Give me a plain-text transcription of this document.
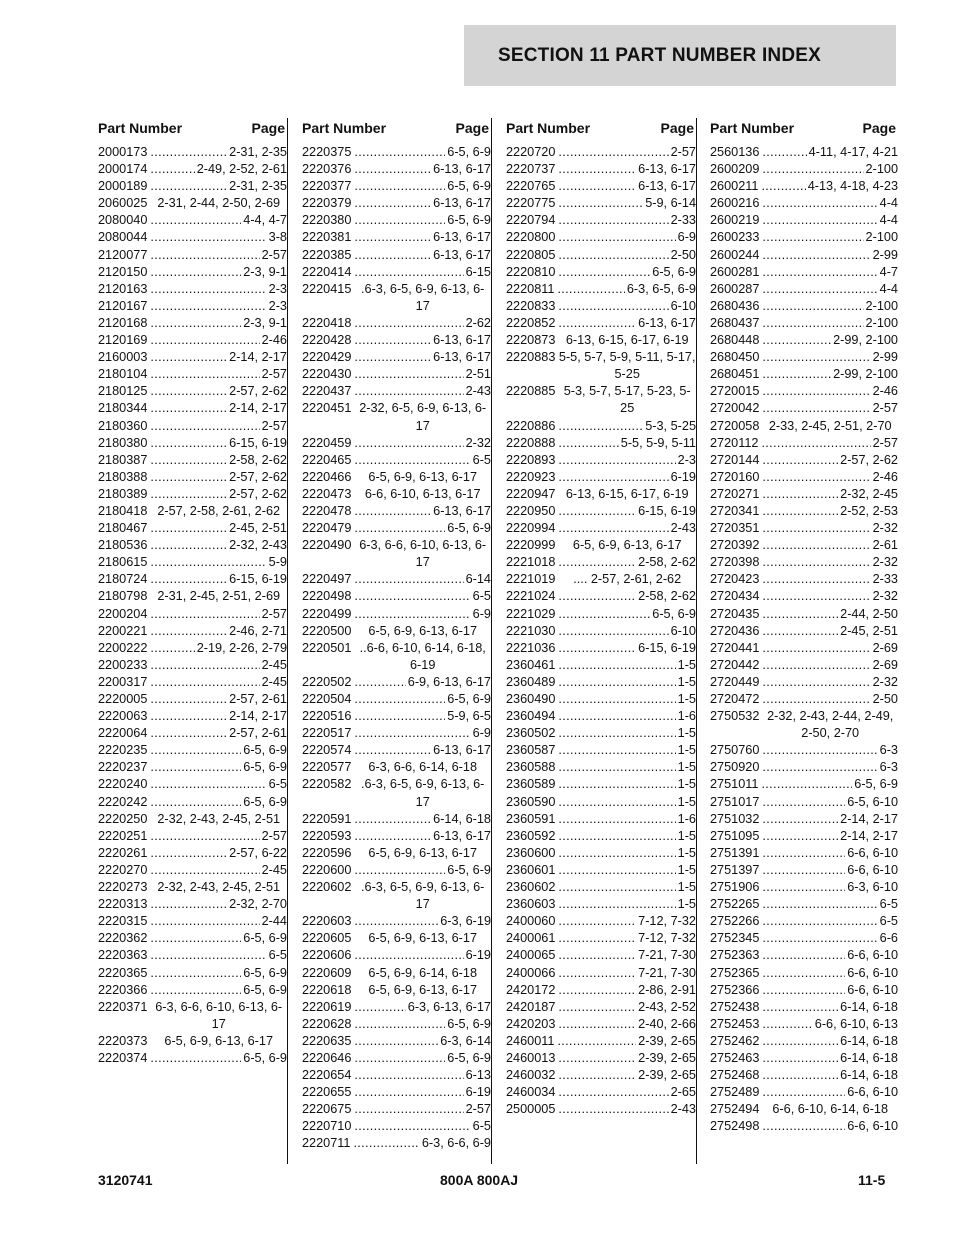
SECTION 11 PART NUMBER INDEX
Part Number	Page
2000173	. . . 2-31, 2-35
2000174	. . . 2-49, 2-52, 2-61
2000189	. . . 2-31, 2-35
2060025 2-31, 2-44, 2-50, 2-69
2080040	. . . 4-4, 4-7
2080044	. . . 3-8
2120077	. . . 2-57
2120150	. . . 2-3, 9-1
2120163	. . . 2-3
2120167	. . . 2-3
2120168	. . . 2-3, 9-1
2120169	. . . 2-46
2160003	. . . 2-14, 2-17
2180104	. . . 2-57
2180125	. . . 2-57, 2-62
2180344	. . . 2-14, 2-17
2180360	. . . 2-57
2180380	. . . 6-15, 6-19
2180387	. . . 2-58, 2-62
2180388	. . . 2-57, 2-62
2180389	. . . 2-57, 2-62
2180418 2-57, 2-58, 2-61, 2-62
2180467	. . . 2-45, 2-51
2180536	. . . 2-32, 2-43
2180615	. . . 5-9
2180724	. . . 6-15, 6-19
2180798 2-31, 2-45, 2-51, 2-69
2200204	. . . 2-57
2200221	. . . 2-46, 2-71
2200222	. . . 2-19, 2-26, 2-79
2200233	. . . 2-45
2200317	. . . 2-45
2220005	. . . 2-57, 2-61
2220063	. . . 2-14, 2-17
2220064	. . . 2-57, 2-61
2220235	. . . 6-5, 6-9
2220237	. . . 6-5, 6-9
2220240	. . . 6-5
2220242	. . . 6-5, 6-9
2220250 2-32, 2-43, 2-45, 2-51
2220251	. . . 2-57
2220261	. . . 2-57, 6-22
2220270	. . . 2-45
2220273 2-32, 2-43, 2-45, 2-51
2220313	. . . 2-32, 2-70
2220315	. . . 2-44
2220362	. . . 6-5, 6-9
2220363	. . . 6-5
2220365	. . . 6-5, 6-9
2220366	. . . 6-5, 6-9
2220371 6-3, 6-6, 6-10, 6-13, 6-17
2220373	6-5, 6-9, 6-13, 6-17
2220374	. . . 6-5, 6-9
Part Number	Page
2220375	. . . 6-5, 6-9
2220376	. . . 6-13, 6-17
2220377	. . . 6-5, 6-9
2220379	. . . 6-13, 6-17
2220380	. . . 6-5, 6-9
2220381	. . . 6-13, 6-17
2220385	. . . 6-13, 6-17
2220414	. . . 6-15
2220415 .6-3, 6-5, 6-9, 6-13, 6-17
2220418	. . . 2-62
2220428	. . . 6-13, 6-17
2220429	. . . 6-13, 6-17
2220430	. . . 2-51
2220437	. . . 2-43
2220451 2-32, 6-5, 6-9, 6-13, 6-17
2220459	. . . 2-32
2220465	. . . 6-5
2220466	6-5, 6-9, 6-13, 6-17
2220473	6-6, 6-10, 6-13, 6-17
2220478	. . . 6-13, 6-17
2220479	. . . 6-5, 6-9
2220490 6-3, 6-6, 6-10, 6-13, 6-17
2220497	. . . 6-14
2220498	. . . 6-5
2220499	. . . 6-9
2220500	6-5, 6-9, 6-13, 6-17
2220501 ..6-6, 6-10, 6-14, 6-18, 6-19
2220502	. . . 6-9, 6-13, 6-17
2220504	. . . 6-5, 6-9
2220516	. . . 5-9, 6-5
2220517	. . . 6-9
2220574	. . . 6-13, 6-17
2220577	6-3, 6-6, 6-14, 6-18
2220582 .6-3, 6-5, 6-9, 6-13, 6-17
2220591	. . . 6-14, 6-18
2220593	. . . 6-13, 6-17
2220596	6-5, 6-9, 6-13, 6-17
2220600	. . . 6-5, 6-9
2220602 .6-3, 6-5, 6-9, 6-13, 6-17
2220603	. . . 6-3, 6-19
2220605	6-5, 6-9, 6-13, 6-17
2220606	. . . 6-19
2220609	6-5, 6-9, 6-14, 6-18
2220618	6-5, 6-9, 6-13, 6-17
2220619	. . . 6-3, 6-13, 6-17
2220628	. . . 6-5, 6-9
2220635	. . . 6-3, 6-14
2220646	. . . 6-5, 6-9
2220654	. . . 6-13
2220655	. . . 6-19
2220675	. . . 2-57
2220710	. . . 6-5
2220711	. . . 6-3, 6-6, 6-9
Part Number	Page
2220720	. . . 2-57
2220737	. . . 6-13, 6-17
2220765	. . . 6-13, 6-17
2220775	. . . 5-9, 6-14
2220794	. . . 2-33
2220800	. . . 6-9
2220805	. . . 2-50
2220810	. . . 6-5, 6-9
2220811	. . . 6-3, 6-5, 6-9
2220833	. . . 6-10
2220852	. . . 6-13, 6-17
2220873 6-13, 6-15, 6-17, 6-19
2220883 5-5, 5-7, 5-9, 5-11, 5-17, 5-25
2220885 5-3, 5-7, 5-17, 5-23, 5-25
2220886	. . . 5-3, 5-25
2220888	. . . 5-5, 5-9, 5-11
2220893	. . . 2-3
2220923	. . . 6-19
2220947 6-13, 6-15, 6-17, 6-19
2220950	. . . 6-15, 6-19
2220994	. . . 2-43
2220999	6-5, 6-9, 6-13, 6-17
2221018	. . . 2-58, 2-62
2221019	.... 2-57, 2-61, 2-62
2221024	. . . 2-58, 2-62
2221029	. . . 6-5, 6-9
2221030	. . . 6-10
2221036	. . . 6-15, 6-19
2360461	. . . 1-5
2360489	. . . 1-5
2360490	. . . 1-5
2360494	. . . 1-6
2360502	. . . 1-5
2360587	. . . 1-5
2360588	. . . 1-5
2360589	. . . 1-5
2360590	. . . 1-5
2360591	. . . 1-6
2360592	. . . 1-5
2360600	. . . 1-5
2360601	. . . 1-5
2360602	. . . 1-5
2360603	. . . 1-5
2400060	. . . 7-12, 7-32
2400061	. . . 7-12, 7-32
2400065	. . . 7-21, 7-30
2400066	. . . 7-21, 7-30
2420172	. . . 2-86, 2-91
2420187	. . . 2-43, 2-52
2420203	. . . 2-40, 2-66
2460011	. . . 2-39, 2-65
2460013	. . . 2-39, 2-65
2460032	. . . 2-39, 2-65
2460034	. . . 2-65
2500005	. . . 2-43
Part Number	Page
2560136	. . . 4-11, 4-17, 4-21
2600209	. . . 2-100
2600211	. . . 4-13, 4-18, 4-23
2600216	. . . 4-4
2600219	. . . 4-4
2600233	. . . 2-100
2600244	. . . 2-99
2600281	. . . 4-7
2600287	. . . 4-4
2680436	. . . 2-100
2680437	. . . 2-100
2680448	. . . 2-99, 2-100
2680450	. . . 2-99
2680451	. . . 2-99, 2-100
2720015	. . . 2-46
2720042	. . . 2-57
2720058 2-33, 2-45, 2-51, 2-70
2720112	. . . 2-57
2720144	. . . 2-57, 2-62
2720160	. . . 2-46
2720271	. . . 2-32, 2-45
2720341	. . . 2-52, 2-53
2720351	. . . 2-32
2720392	. . . 2-61
2720398	. . . 2-32
2720423	. . . 2-33
2720434	. . . 2-32
2720435	. . . 2-44, 2-50
2720436	. . . 2-45, 2-51
2720441	. . . 2-69
2720442	. . . 2-69
2720449	. . . 2-32
2720472	. . . 2-50
2750532 2-32, 2-43, 2-44, 2-49, 2-50, 2-70
2750760	. . . 6-3
2750920	. . . 6-3
2751011	. . . 6-5, 6-9
2751017	. . . 6-5, 6-10
2751032	. . . 2-14, 2-17
2751095	. . . 2-14, 2-17
2751391	. . . 6-6, 6-10
2751397	. . . 6-6, 6-10
2751906	. . . 6-3, 6-10
2752265	. . . 6-5
2752266	. . . 6-5
2752345	. . . 6-6
2752363	. . . 6-6, 6-10
2752365	. . . 6-6, 6-10
2752366	. . . 6-6, 6-10
2752438	. . . 6-14, 6-18
2752453	. . . 6-6, 6-10, 6-13
2752462	. . . 6-14, 6-18
2752463	. . . 6-14, 6-18
2752468	. . . 6-14, 6-18
2752489	. . . 6-6, 6-10
2752494	6-6, 6-10, 6-14, 6-18
2752498	. . . 6-6, 6-10
3120741	800A 800AJ	11-5
